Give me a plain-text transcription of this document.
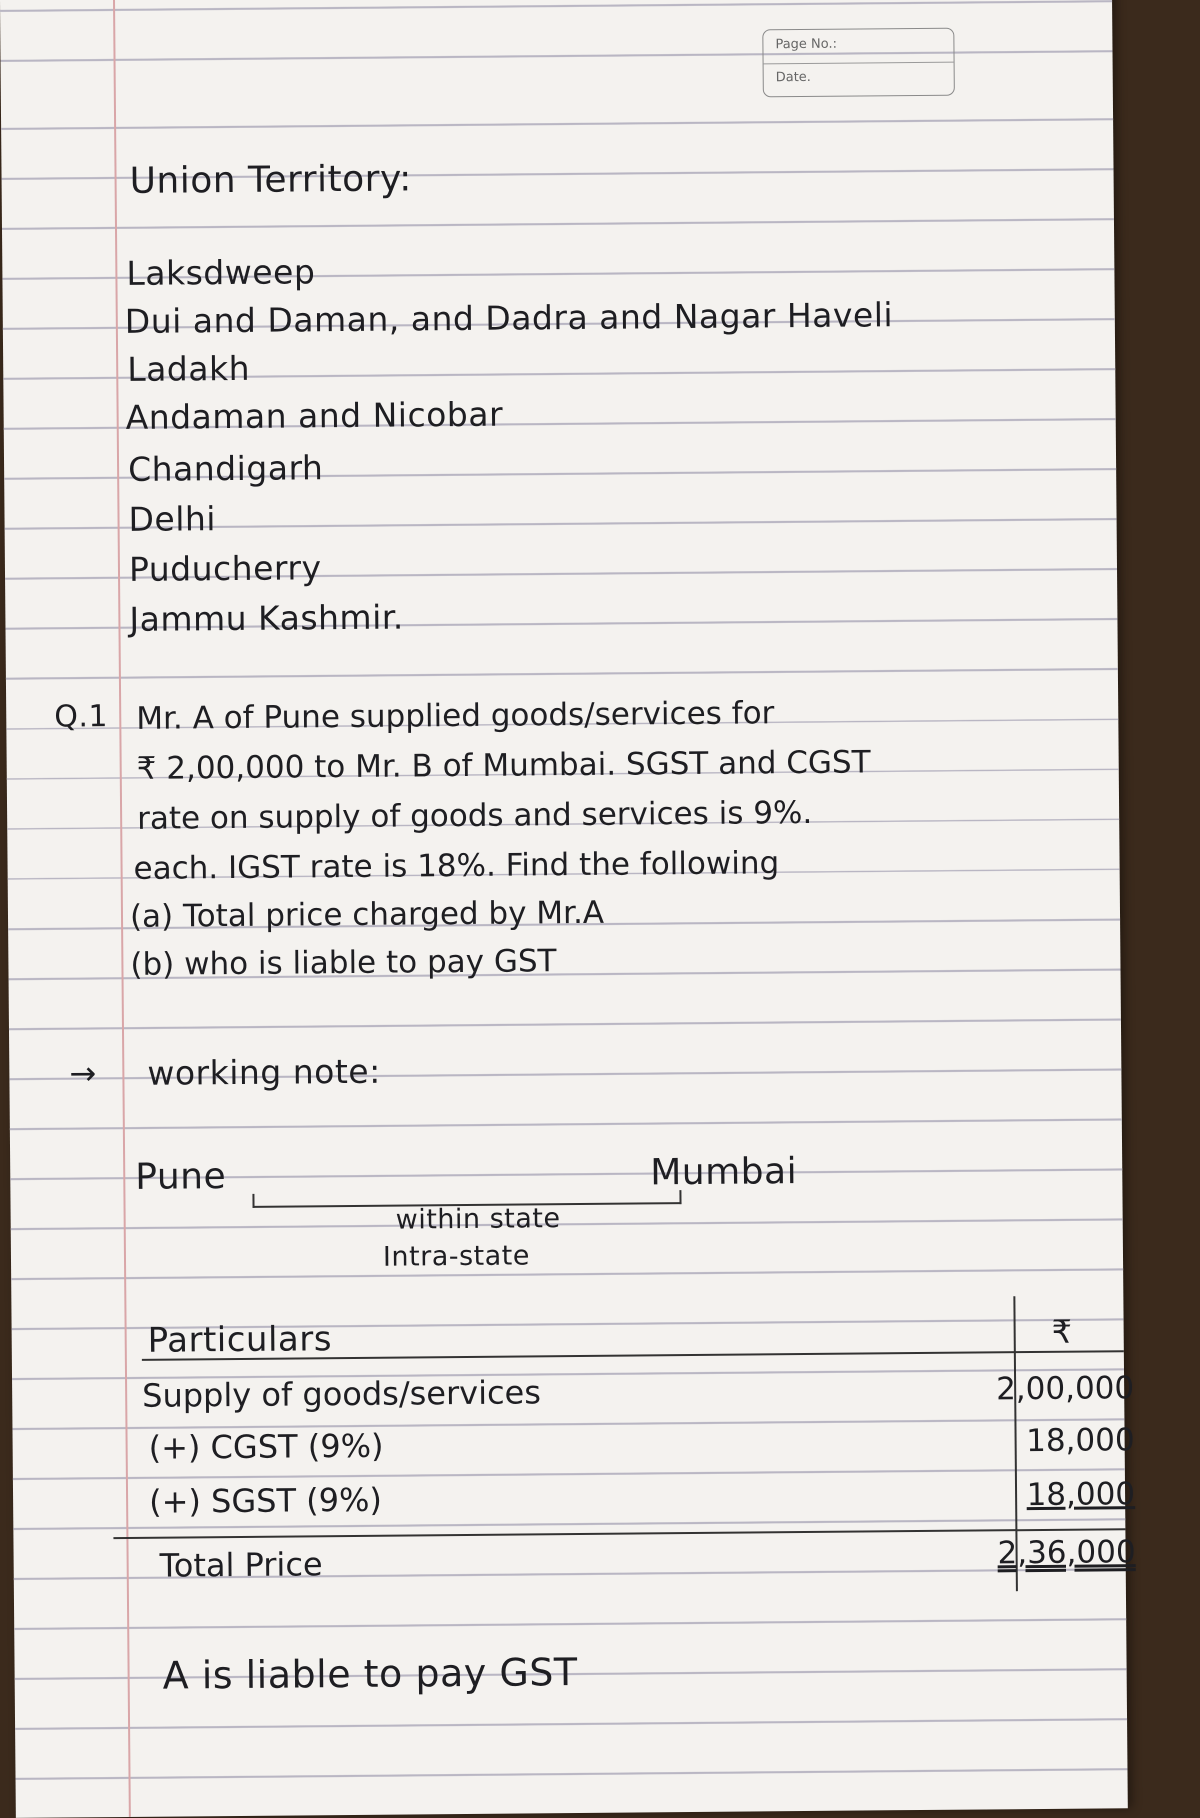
Page No.:
Date.
Union Territory:
Laksdweep
Dui and Daman, and Dadra and Nagar Haveli
Ladakh
Andaman and Nicobar
Chandigarh
Delhi
Puducherry
Jammu Kashmir.
Q.1 Mr. A of Pune supplied goods/services for
₹ 2,00,000 to Mr. B of Mumbai. SGST and CGST
rate on supply of goods and services is 9%.
each. IGST rate is 18%. Find the following
(a) Total price charged by Mr.A
(b) who is liable to pay GST
→ working note:
Pune	Mumbai
within state
Intra-state
Particulars	₹
Supply of goods/services
(+) CGST (9%)
(+) SGST (9%)
Total Price
2,00,000
18,000
18,000
2,36,000
A is liable to pay GST
